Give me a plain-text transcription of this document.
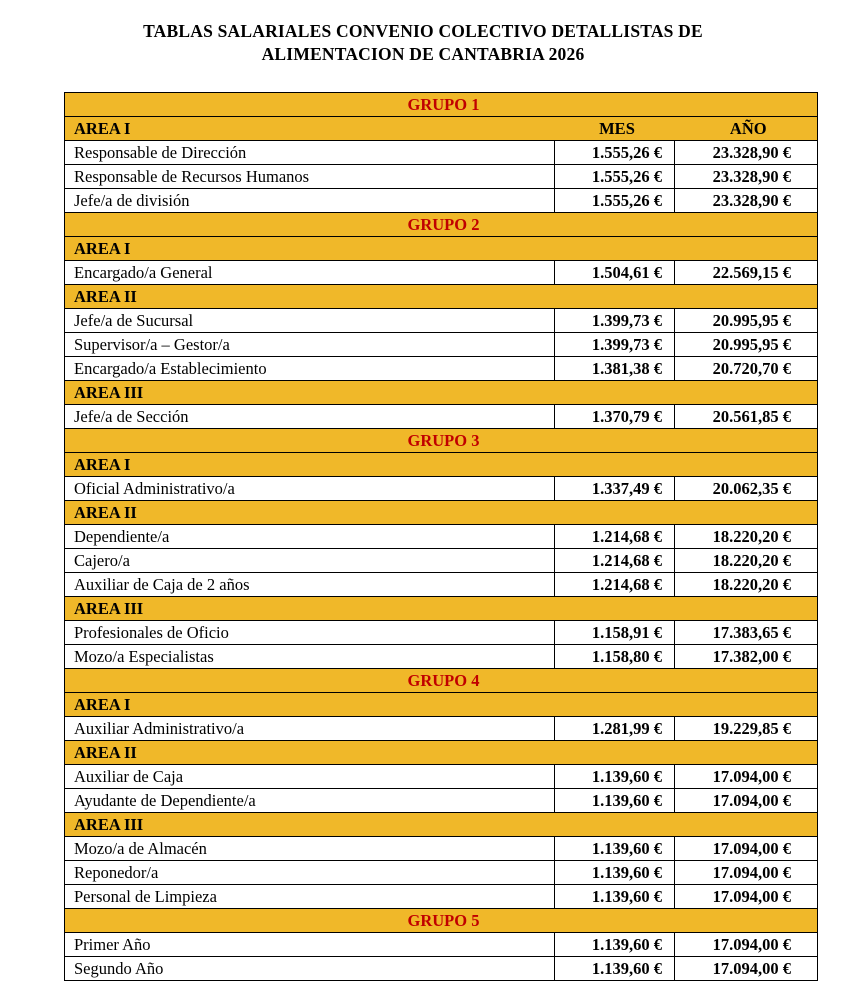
TABLAS SALARIALES CONVENIO COLECTIVO DETALLISTAS DE
ALIMENTACION DE CANTABRIA 2026
GRUPO 1		
AREA I	MES	AÑO
Responsable de Dirección	1.555,26 €	23.328,90 €
Responsable de Recursos Humanos	1.555,26 €	23.328,90 €
Jefe/a de división	1.555,26 €	23.328,90 €
GRUPO 2		
AREA I		
Encargado/a General	1.504,61 €	22.569,15 €
AREA II		
Jefe/a de Sucursal	1.399,73 €	20.995,95 €
Supervisor/a – Gestor/a	1.399,73 €	20.995,95 €
Encargado/a Establecimiento	1.381,38 €	20.720,70 €
AREA III		
Jefe/a de Sección	1.370,79 €	20.561,85 €
GRUPO 3		
AREA I		
Oficial Administrativo/a	1.337,49 €	20.062,35 €
AREA II		
Dependiente/a	1.214,68 €	18.220,20 €
Cajero/a	1.214,68 €	18.220,20 €
Auxiliar de Caja de 2 años	1.214,68 €	18.220,20 €
AREA III		
Profesionales de Oficio	1.158,91 €	17.383,65 €
Mozo/a Especialistas	1.158,80 €	17.382,00 €
GRUPO 4		
AREA I		
Auxiliar Administrativo/a	1.281,99 €	19.229,85 €
AREA II		
Auxiliar de Caja	1.139,60 €	17.094,00 €
Ayudante de Dependiente/a	1.139,60 €	17.094,00 €
AREA III		
Mozo/a de Almacén	1.139,60 €	17.094,00 €
Reponedor/a	1.139,60 €	17.094,00 €
Personal de Limpieza	1.139,60 €	17.094,00 €
GRUPO 5		
Primer Año	1.139,60 €	17.094,00 €
Segundo Año	1.139,60 €	17.094,00 €
